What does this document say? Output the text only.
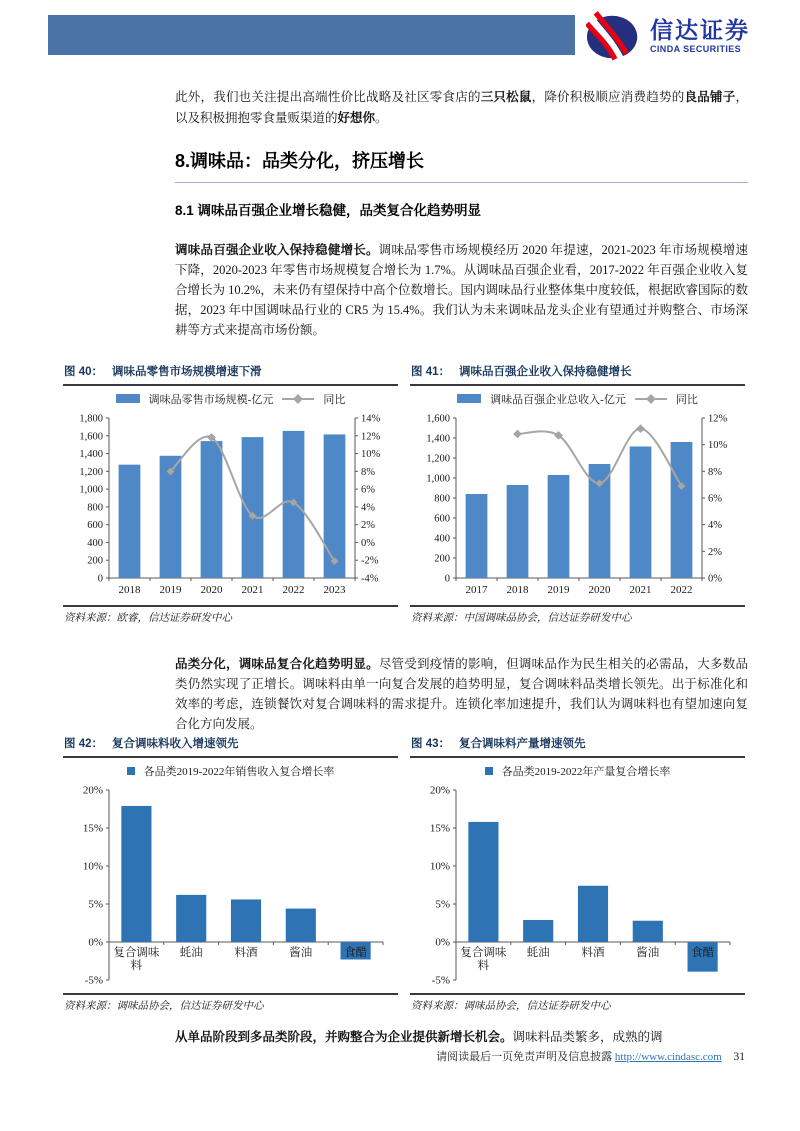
信达证券
CINDA SECURITIES

此外，我们也关注提出高端性价比战略及社区零食店的三只松鼠，降价积极顺应消费趋势的良品铺子，以及积极拥抱零食量贩渠道的好想你。

8.调味品：品类分化，挤压增长
8.1 调味品百强企业增长稳健，品类复合化趋势明显

调味品百强企业收入保持稳健增长。调味品零售市场规模经历 2020 年提速，2021-2023 年市场规模增速下降，2020-2023 年零售市场规模复合增长为 1.7%。从调味品百强企业看，2017-2022 年百强企业收入复合增长为 10.2%，未来仍有望保持中高个位数增长。国内调味品行业整体集中度较低，根据欧睿国际的数据，2023 年中国调味品行业的 CR5 为 15.4%。我们认为未来调味品龙头企业有望通过并购整合、市场深耕等方式来提高市场份额。

图 40： 调味品零售市场规模增速下滑
调味品零售市场规模-亿元	同比
0
200
400
600
800
1,000
1,200
1,400
1,600
1,800
-4%
-2%
0%
2%
4%
6%
8%
10%
12%
14%
2018 2019 2020 2021 2022 2023
资料来源：欧睿，信达证券研发中心
图 41： 调味品百强企业收入保持稳健增长
调味品百强企业总收入-亿元	同比
0
200
400
600
800
1,000
1,200
1,400
1,600
0%
2%
4%
6%
8%
10%
12%
2017 2018 2019 2020 2021 2022
资料来源：中国调味品协会，信达证券研发中心

品类分化，调味品复合化趋势明显。尽管受到疫情的影响，但调味品作为民生相关的必需品，大多数品类仍然实现了正增长。调味料由单一向复合发展的趋势明显，复合调味料品类增长领先。出于标准化和效率的考虑，连锁餐饮对复合调味料的需求提升。连锁化率加速提升，我们认为调味料也有望加速向复合化方向发展。

图 42： 复合调味料收入增速领先
各品类2019-2022年销售收入复合增长率
-5%
0%
5%
10%
15%
20%
复合调味
料
蚝油	料酒	酱油	食醋
资料来源：调味品协会，信达证券研发中心
图 43： 复合调味料产量增速领先
各品类2019-2022年产量复合增长率
-5%
0%
5%
10%
15%
20%
复合调味
料
蚝油	料酒	酱油	食醋
资料来源：调味品协会，信达证券研发中心

从单品阶段到多品类阶段，并购整合为企业提供新增长机会。调味料品类繁多，成熟的调

请阅读最后一页免责声明及信息披露 http://www.cindasc.com 31
